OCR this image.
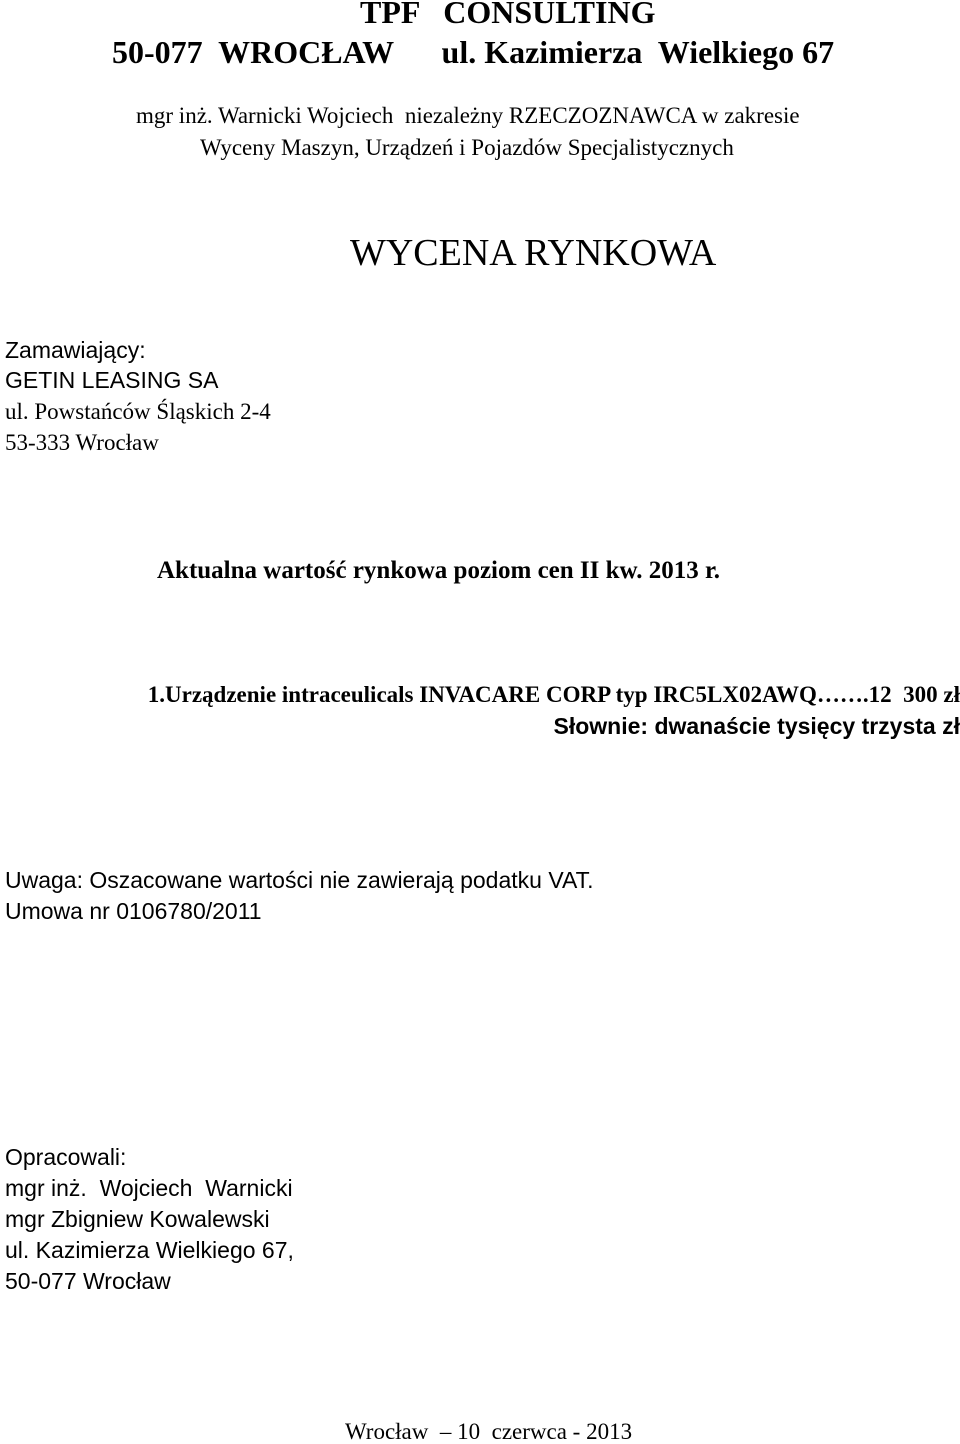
TPF   CONSULTING
50-077  WROCŁAW      ul. Kazimierza  Wielkiego 67
mgr inż. Warnicki Wojciech  niezależny RZECZOZNAWCA w zakresie
Wyceny Maszyn, Urządzeń i Pojazdów Specjalistycznych
WYCENA RYNKOWA
Zamawiający:
GETIN LEASING SA
ul. Powstańców Śląskich 2-4
53-333 Wrocław
Aktualna wartość rynkowa poziom cen II kw. 2013 r.
1.Urządzenie intraceulicals INVACARE CORP typ IRC5LX02AWQ…….12  300 zł
Słownie: dwanaście tysięcy trzysta zł
Uwaga: Oszacowane wartości nie zawierają podatku VAT.
Umowa nr 0106780/2011
Opracowali:
mgr inż.  Wojciech  Warnicki
mgr Zbigniew Kowalewski
ul. Kazimierza Wielkiego 67,
50-077 Wrocław
Wrocław  – 10  czerwca - 2013
